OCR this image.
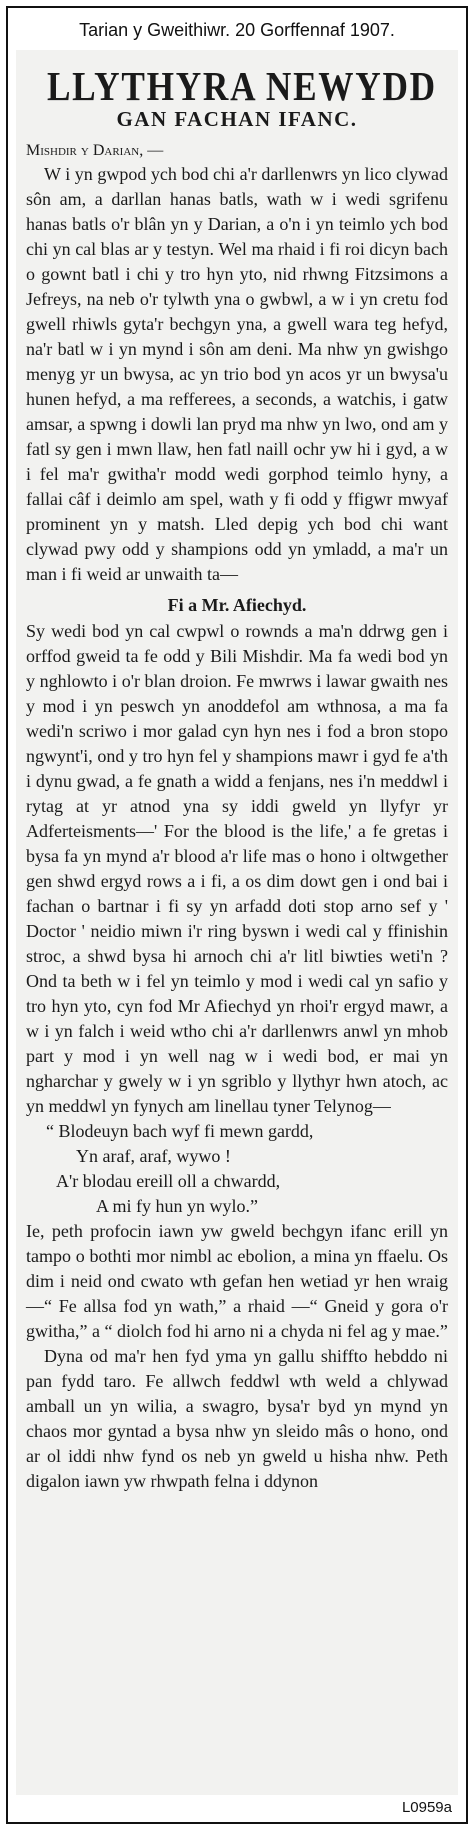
Tarian y Gweithiwr. 20 Gorffennaf 1907.
LLYTHYRA NEWYDD
GAN FACHAN IFANC.

Mishdir y Darian, —

W i yn gwpod ych bod chi a'r darllenwrs yn lico clywad sôn am, a darllan hanas batls, wath w i wedi sgrifenu hanas batls o'r blân yn y Darian, a o'n i yn teimlo ych bod chi yn cal blas ar y testyn. Wel ma rhaid i fi roi dicyn bach o gownt batl i chi y tro hyn yto, nid rhwng Fitzsimons a Jefreys, na neb o'r tylwth yna o gwbwl, a w i yn cretu fod gwell rhiwls gyta'r bechgyn yna, a gwell wara teg hefyd, na'r batl w i yn mynd i sôn am deni. Ma nhw yn gwishgo menyg yr un bwysa, ac yn trio bod yn acos yr un bwysa'u hunen hefyd, a ma refferees, a seconds, a watchis, i gatw amsar, a spwng i dowli lan pryd ma nhw yn lwo, ond am y fatl sy gen i mwn llaw, hen fatl naill ochr yw hi i gyd, a w i fel ma'r gwitha'r modd wedi gorphod teimlo hyny, a fallai câf i deimlo am spel, wath y fi odd y ffigwr mwyaf prominent yn y matsh. Lled depig ych bod chi want clywad pwy odd y shampions odd yn ymladd, a ma'r un man i fi weid ar unwaith ta—

Fi a Mr. Afiechyd.

Sy wedi bod yn cal cwpwl o rownds a ma'n ddrwg gen i orffod gweid ta fe odd y Bili Mishdir. Ma fa wedi bod yn y nghlowto i o'r blan droion. Fe mwrws i lawar gwaith nes y mod i yn peswch yn anoddefol am wthnosa, a ma fa wedi'n scriwo i mor galad cyn hyn nes i fod a bron stopo ngwynt'i, ond y tro hyn fel y shampions mawr i gyd fe a'th i dynu gwad, a fe gnath a widd a fenjans, nes i'n meddwl i rytag at yr atnod yna sy iddi gweld yn llyfyr yr Adferteisments—' For the blood is the life,' a fe gretas i bysa fa yn mynd a'r blood a'r life mas o hono i oltwgether gen shwd ergyd rows a i fi, a os dim dowt gen i ond bai i fachan o bartnar i fi sy yn arfadd doti stop arno sef y ' Doctor ' neidio miwn i'r ring byswn i wedi cal y ffinishin stroc, a shwd bysa hi arnoch chi a'r litl biwties weti'n ? Ond ta beth w i fel yn teimlo y mod i wedi cal yn safio y tro hyn yto, cyn fod Mr Afiechyd yn rhoi'r ergyd mawr, a w i yn falch i weid wtho chi a'r darllenwrs anwl yn mhob part y mod i yn well nag w i wedi bod, er mai yn ngharchar y gwely w i yn sgriblo y llythyr hwn atoch, ac yn meddwl yn fynych am linellau tyner Telynog—

“ Blodeuyn bach wyf fi mewn gardd,
Yn araf, araf, wywo !
A'r blodau ereill oll a chwardd,
A mi fy hun yn wylo.”

Ie, peth profocin iawn yw gweld bechgyn ifanc erill yn tampo o bothti mor nimbl ac ebolion, a mina yn ffaelu. Os dim i neid ond cwato wth gefan hen wetiad yr hen wraig—“ Fe allsa fod yn wath,” a rhaid —“ Gneid y gora o'r gwitha,” a “ diolch fod hi arno ni a chyda ni fel ag y mae.”

Dyna od ma'r hen fyd yma yn gallu shiffto hebddo ni pan fydd taro. Fe allwch feddwl wth weld a chlywad amball un yn wilia, a swagro, bysa'r byd yn mynd yn chaos mor gyntad a bysa nhw yn sleido mâs o hono, ond ar ol iddi nhw fynd os neb yn gweld u hisha nhw. Peth digalon iawn yw rhwpath felna i ddynon

L0959a
